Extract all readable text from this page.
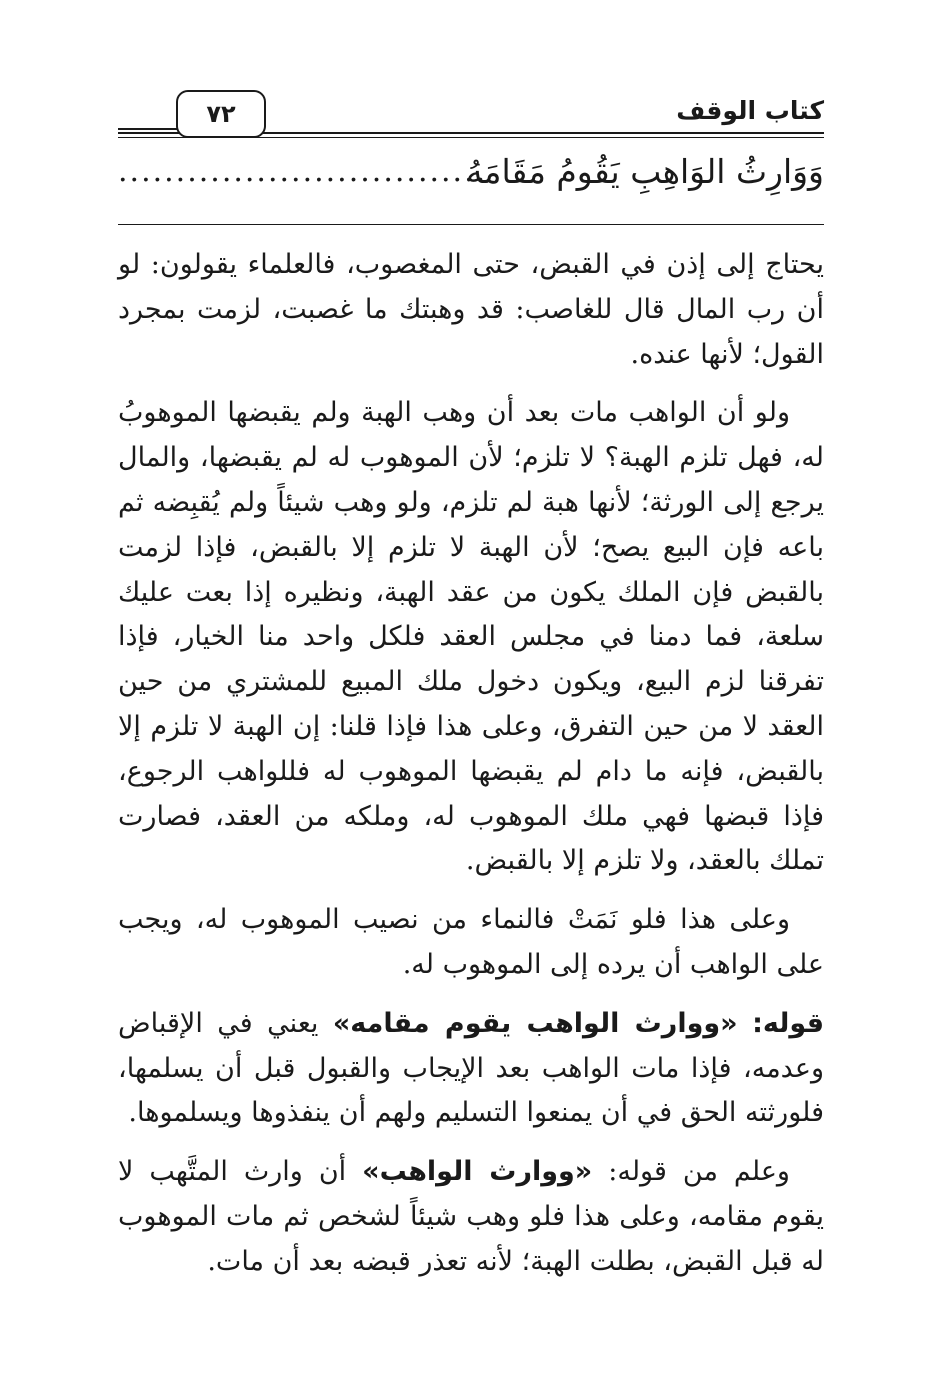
٧٢	كتاب الوقف
وَوَارِثُ الوَاهِبِ يَقُومُ مَقَامَهُ
................................

يحتاج إلى إذن في القبض، حتى المغصوب، فالعلماء يقولون: لو أن رب المال قال للغاصب: قد وهبتك ما غصبت، لزمت بمجرد القول؛ لأنها عنده.

ولو أن الواهب مات بعد أن وهب الهبة ولم يقبضها الموهوبُ له، فهل تلزم الهبة؟ لا تلزم؛ لأن الموهوب له لم يقبضها، والمال يرجع إلى الورثة؛ لأنها هبة لم تلزم، ولو وهب شيئاً ولم يُقبِضه ثم باعه فإن البيع يصح؛ لأن الهبة لا تلزم إلا بالقبض، فإذا لزمت بالقبض فإن الملك يكون من عقد الهبة، ونظيره إذا بعت عليك سلعة، فما دمنا في مجلس العقد فلكل واحد منا الخيار، فإذا تفرقنا لزم البيع، ويكون دخول ملك المبيع للمشتري من حين العقد لا من حين التفرق، وعلى هذا فإذا قلنا: إن الهبة لا تلزم إلا بالقبض، فإنه ما دام لم يقبضها الموهوب له فللواهب الرجوع، فإذا قبضها فهي ملك الموهوب له، وملكه من العقد، فصارت تملك بالعقد، ولا تلزم إلا بالقبض.

وعلى هذا فلو نَمَتْ فالنماء من نصيب الموهوب له، ويجب على الواهب أن يرده إلى الموهوب له.

قوله: «ووارث الواهب يقوم مقامه» يعني في الإقباض وعدمه، فإذا مات الواهب بعد الإيجاب والقبول قبل أن يسلمها، فلورثته الحق في أن يمنعوا التسليم ولهم أن ينفذوها ويسلموها.

وعلم من قوله: «ووارث الواهب» أن وارث المتَّهب لا يقوم مقامه، وعلى هذا فلو وهب شيئاً لشخص ثم مات الموهوب له قبل القبض، بطلت الهبة؛ لأنه تعذر قبضه بعد أن مات.
